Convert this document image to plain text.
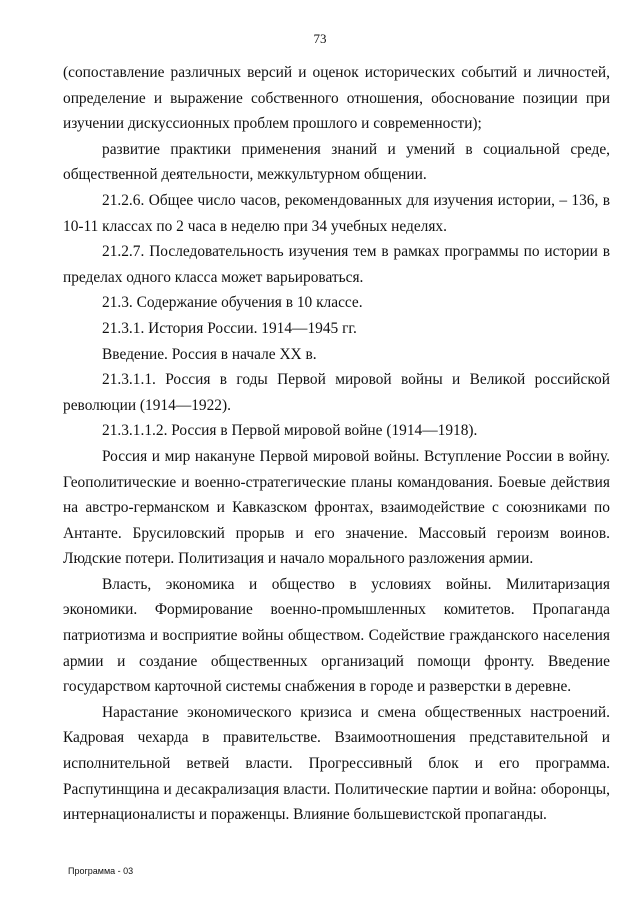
73

(сопоставление различных версий и оценок исторических событий и личностей, определение и выражение собственного отношения, обоснование позиции при изучении дискуссионных проблем прошлого и современности);

развитие практики применения знаний и умений в социальной среде, общественной деятельности, межкультурном общении.

21.2.6. Общее число часов, рекомендованных для изучения истории, – 136, в 10-11 классах по 2 часа в неделю при 34 учебных неделях.

21.2.7. Последовательность изучения тем в рамках программы по истории в пределах одного класса может варьироваться.

21.3. Содержание обучения в 10 классе.

21.3.1. История России. 1914—1945 гг.

Введение. Россия в начале XX в.

21.3.1.1. Россия в годы Первой мировой войны и Великой российской революции (1914—1922).

21.3.1.1.2. Россия в Первой мировой войне (1914—1918).

Россия и мир накануне Первой мировой войны. Вступление России в войну. Геополитические и военно-стратегические планы командования. Боевые действия на австро-германском и Кавказском фронтах, взаимодействие с союзниками по Антанте. Брусиловский прорыв и его значение. Массовый героизм воинов. Людские потери. Политизация и начало морального разложения армии.

Власть, экономика и общество в условиях войны. Милитаризация экономики. Формирование военно-промышленных комитетов. Пропаганда патриотизма и восприятие войны обществом. Содействие гражданского населения армии и создание общественных организаций помощи фронту. Введение государством карточной системы снабжения в городе и разверстки в деревне.

Нарастание экономического кризиса и смена общественных настроений. Кадровая чехарда в правительстве. Взаимоотношения представительной и исполнительной ветвей власти. Прогрессивный блок и его программа. Распутинщина и десакрализация власти. Политические партии и война: оборонцы, интернационалисты и пораженцы. Влияние большевистской пропаганды.

Программа - 03
